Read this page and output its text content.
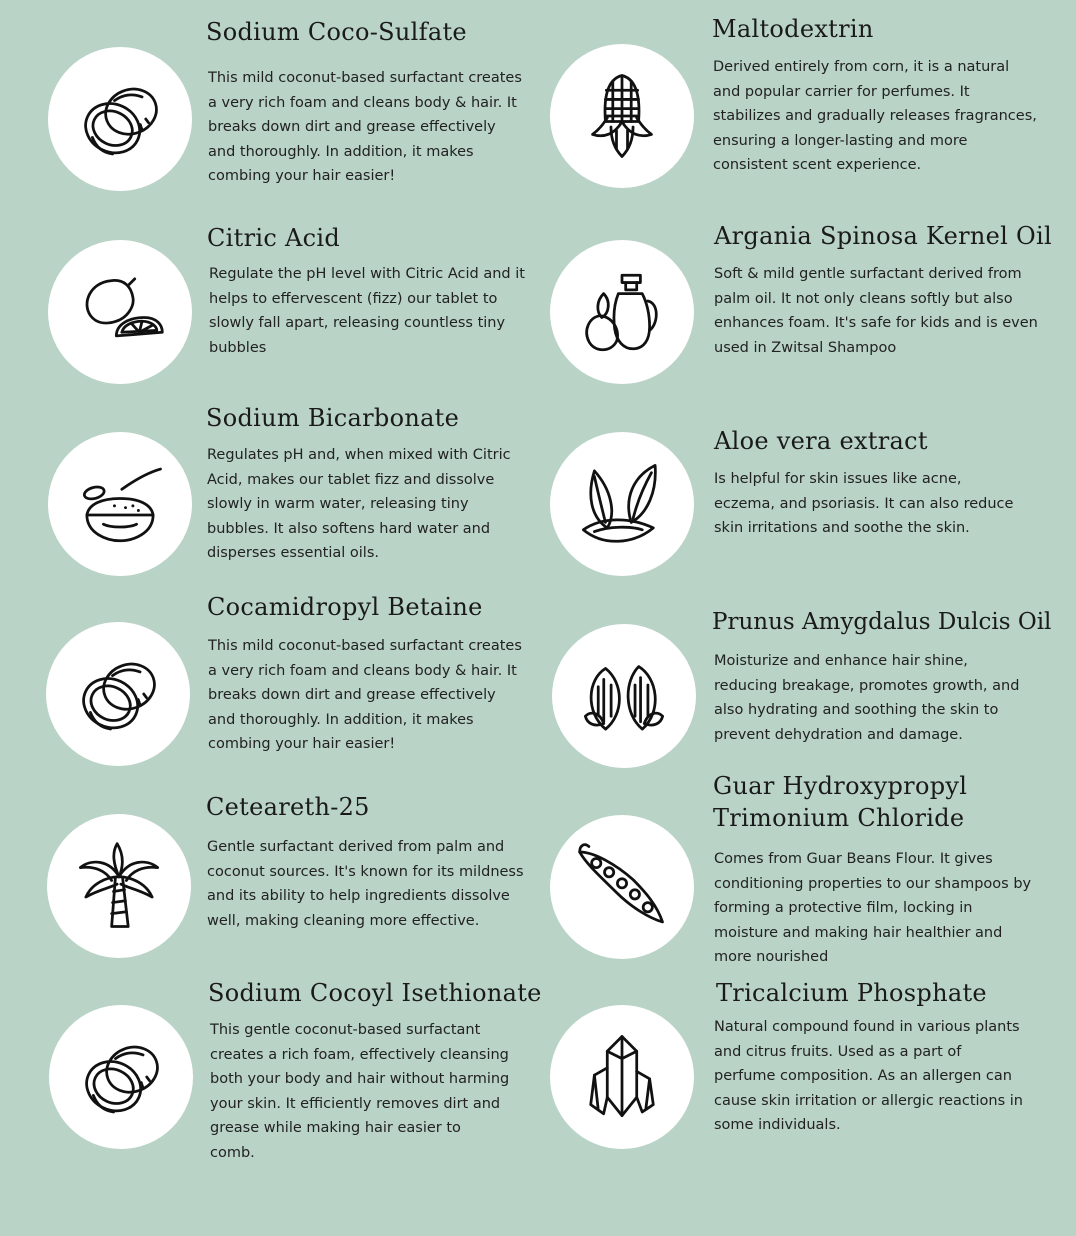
Sodium Coco-Sulfate

This mild coconut-based surfactant creates a very rich foam and cleans body & hair. It breaks down dirt and grease effectively and thoroughly. In addition, it makes combing your hair easier!

Maltodextrin

Derived entirely from corn, it is a natural and popular carrier for perfumes. It stabilizes and gradually releases fragrances, ensuring a longer-lasting and more consistent scent experience.

Citric Acid

Regulate the pH level with Citric Acid and it helps to effervescent (fizz) our tablet to slowly fall apart, releasing countless tiny bubbles

Argania Spinosa Kernel Oil

Soft & mild gentle surfactant derived from palm oil. It not only cleans softly but also enhances foam. It's safe for kids and is even used in Zwitsal Shampoo

Sodium Bicarbonate

Regulates pH and, when mixed with Citric Acid, makes our tablet fizz and dissolve slowly in warm water, releasing tiny bubbles. It also softens hard water and disperses essential oils.

Aloe vera extract

Is helpful for skin issues like acne, eczema, and psoriasis. It can also reduce skin irritations and soothe the skin.

Cocamidropyl Betaine

This mild coconut-based surfactant creates a very rich foam and cleans body & hair. It breaks down dirt and grease effectively and thoroughly. In addition, it makes combing your hair easier!

Prunus Amygdalus Dulcis Oil

Moisturize and enhance hair shine, reducing breakage, promotes growth, and also hydrating and soothing the skin to prevent dehydration and damage.

Ceteareth-25

Gentle surfactant derived from palm and coconut sources. It's known for its mildness and its ability to help ingredients dissolve well, making cleaning more effective.

Guar Hydroxypropyl Trimonium Chloride

Comes from Guar Beans Flour. It gives conditioning properties to our shampoos by forming a protective film, locking in moisture and making hair healthier and more nourished

Sodium Cocoyl Isethionate

This gentle coconut-based surfactant creates a rich foam, effectively cleansing both your body and hair without harming your skin. It efficiently removes dirt and grease while making hair easier to comb.

Tricalcium Phosphate

Natural compound found in various plants and citrus fruits. Used as a part of perfume composition. As an allergen can cause skin irritation or allergic reactions in some individuals.
